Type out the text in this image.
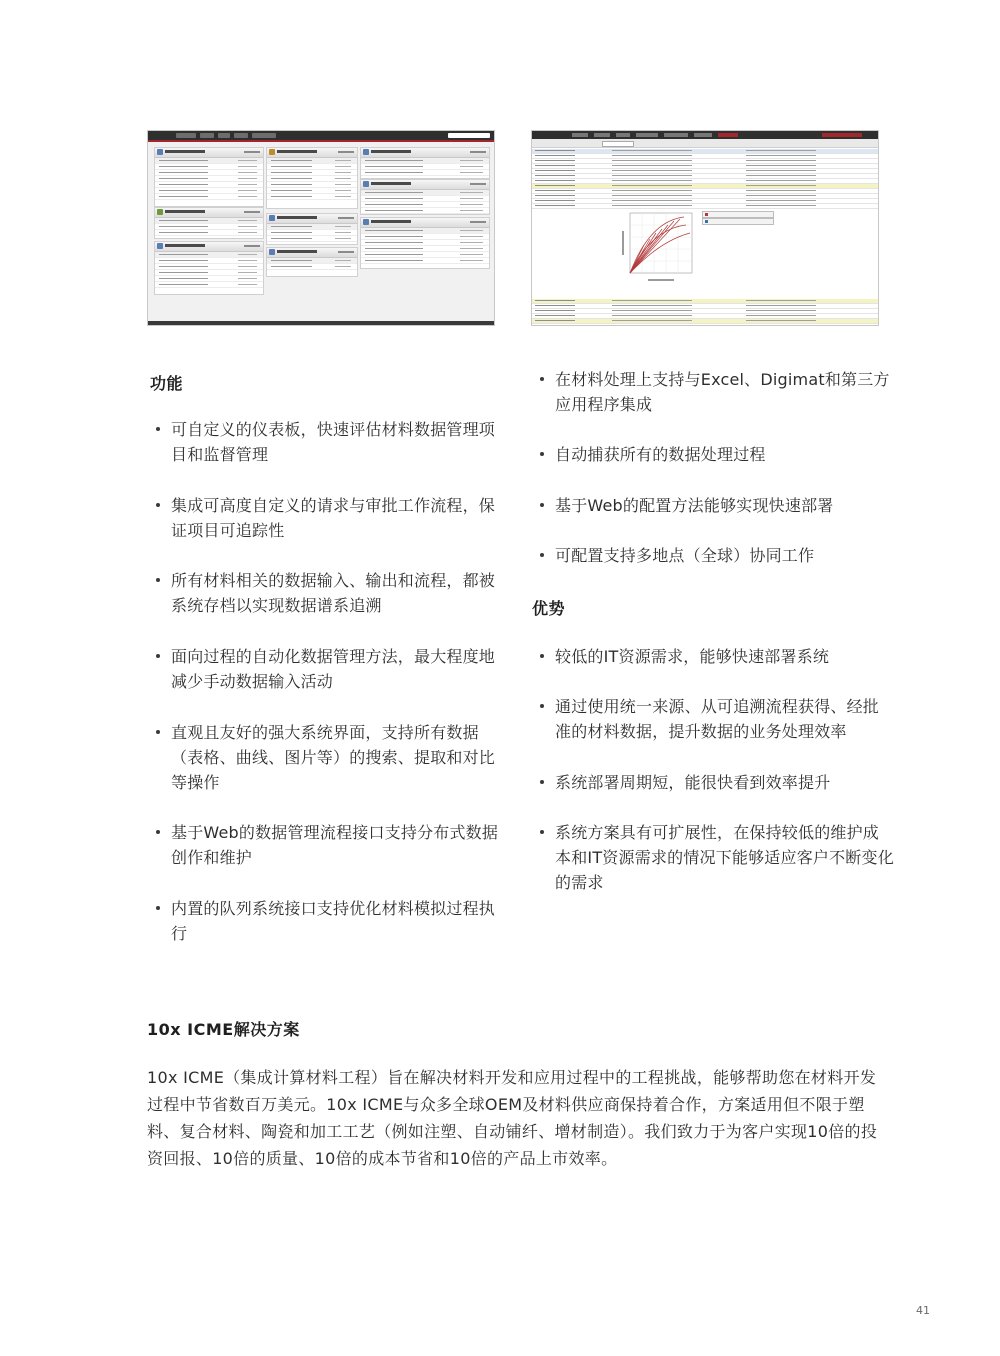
功能
可自定义的仪表板，快速评估材料数据管理项目和监督管理
集成可高度自定义的请求与审批工作流程，保证项目可追踪性
所有材料相关的数据输入、输出和流程，都被系统存档以实现数据谱系追溯
面向过程的自动化数据管理方法，最大程度地减少手动数据输入活动
直观且友好的强大系统界面，支持所有数据（表格、曲线、图片等）的搜索、提取和对比等操作
基于Web的数据管理流程接口支持分布式数据创作和维护
内置的队列系统接口支持优化材料模拟过程执行
在材料处理上支持与Excel、Digimat和第三方应用程序集成
自动捕获所有的数据处理过程
基于Web的配置方法能够实现快速部署
可配置支持多地点（全球）协同工作
优势
较低的IT资源需求，能够快速部署系统
通过使用统一来源、从可追溯流程获得、经批准的材料数据，提升数据的业务处理效率
系统部署周期短，能很快看到效率提升
系统方案具有可扩展性，在保持较低的维护成本和IT资源需求的情况下能够适应客户不断变化的需求
10x ICME解决方案

10x ICME（集成计算材料工程）旨在解决材料开发和应用过程中的工程挑战，能够帮助您在材料开发过程中节省数百万美元。10x ICME与众多全球OEM及材料供应商保持着合作，方案适用但不限于塑料、复合材料、陶瓷和加工工艺（例如注塑、自动铺纤、增材制造）。我们致力于为客户实现10倍的投资回报、10倍的质量、10倍的成本节省和10倍的产品上市效率。

41
